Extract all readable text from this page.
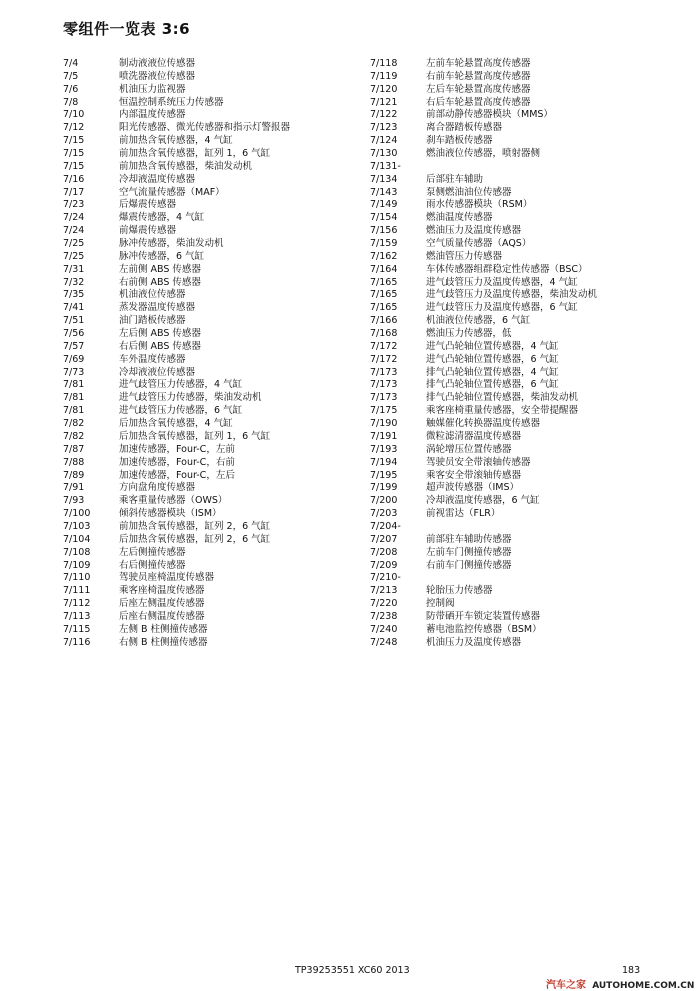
零组件一览表 3:6
7/4	制动液液位传感器
7/5	喷洗器液位传感器
7/6	机油压力监视器
7/8	恒温控制系统压力传感器
7/10	内部温度传感器
7/12	阳光传感器、微光传感器和指示灯警报器
7/15	前加热含氧传感器，4 气缸
7/15	前加热含氧传感器，缸列 1，6 气缸
7/15	前加热含氧传感器，柴油发动机
7/16	冷却液温度传感器
7/17	空气流量传感器（MAF）
7/23	后爆震传感器
7/24	爆震传感器，4 气缸
7/24	前爆震传感器
7/25	脉冲传感器，柴油发动机
7/25	脉冲传感器，6 气缸
7/31	左前侧 ABS 传感器
7/32	右前侧 ABS 传感器
7/35	机油液位传感器
7/41	蒸发器温度传感器
7/51	油门踏板传感器
7/56	左后侧 ABS 传感器
7/57	右后侧 ABS 传感器
7/69	车外温度传感器
7/73	冷却液液位传感器
7/81	进气歧管压力传感器，4 气缸
7/81	进气歧管压力传感器，柴油发动机
7/81	进气歧管压力传感器，6 气缸
7/82	后加热含氧传感器，4 气缸
7/82	后加热含氧传感器，缸列 1，6 气缸
7/87	加速传感器，Four-C，左前
7/88	加速传感器，Four-C，右前
7/89	加速传感器，Four-C，左后
7/91	方向盘角度传感器
7/93	乘客重量传感器（OWS）
7/100	倾斜传感器模块（ISM）
7/103	前加热含氧传感器，缸列 2，6 气缸
7/104	后加热含氧传感器，缸列 2，6 气缸
7/108	左后侧撞传感器
7/109	右后侧撞传感器
7/110	驾驶员座椅温度传感器
7/111	乘客座椅温度传感器
7/112	后座左侧温度传感器
7/113	后座右侧温度传感器
7/115	左侧 B 柱侧撞传感器
7/116	右侧 B 柱侧撞传感器
7/118	左前车轮悬置高度传感器
7/119	右前车轮悬置高度传感器
7/120	左后车轮悬置高度传感器
7/121	右后车轮悬置高度传感器
7/122	前部动静传感器模块（MMS）
7/123	离合器踏板传感器
7/124	刹车踏板传感器
7/130	燃油液位传感器，喷射器侧
7/131-
7/134	后部驻车辅助
7/143	泵侧燃油油位传感器
7/149	雨水传感器模块（RSM）
7/154	燃油温度传感器
7/156	燃油压力及温度传感器
7/159	空气质量传感器（AQS）
7/162	燃油管压力传感器
7/164	车体传感器组群稳定性传感器（BSC）
7/165	进气歧管压力及温度传感器，4 气缸
7/165	进气歧管压力及温度传感器，柴油发动机
7/165	进气歧管压力及温度传感器，6 气缸
7/166	机油液位传感器，6 气缸
7/168	燃油压力传感器，低
7/172	进气凸轮轴位置传感器，4 气缸
7/172	进气凸轮轴位置传感器，6 气缸
7/173	排气凸轮轴位置传感器，4 气缸
7/173	排气凸轮轴位置传感器，6 气缸
7/173	排气凸轮轴位置传感器，柴油发动机
7/175	乘客座椅重量传感器，安全带提醒器
7/190	触媒催化转换器温度传感器
7/191	微粒滤清器温度传感器
7/193	涡轮增压位置传感器
7/194	驾驶员安全带滚轴传感器
7/195	乘客安全带滚轴传感器
7/199	超声波传感器（IMS）
7/200	冷却液温度传感器，6 气缸
7/203	前视雷达（FLR）
7/204-
7/207	前部驻车辅助传感器
7/208	左前车门侧撞传感器
7/209	右前车门侧撞传感器
7/210-
7/213	轮胎压力传感器
7/220	控制阀
7/238	防带硒开车锁定装置传感器
7/240	蓄电池监控传感器（BSM）
7/248	机油压力及温度传感器
TP39253551 XC60 2013	183
汽车之家 AUTOHOME.COM.CN
